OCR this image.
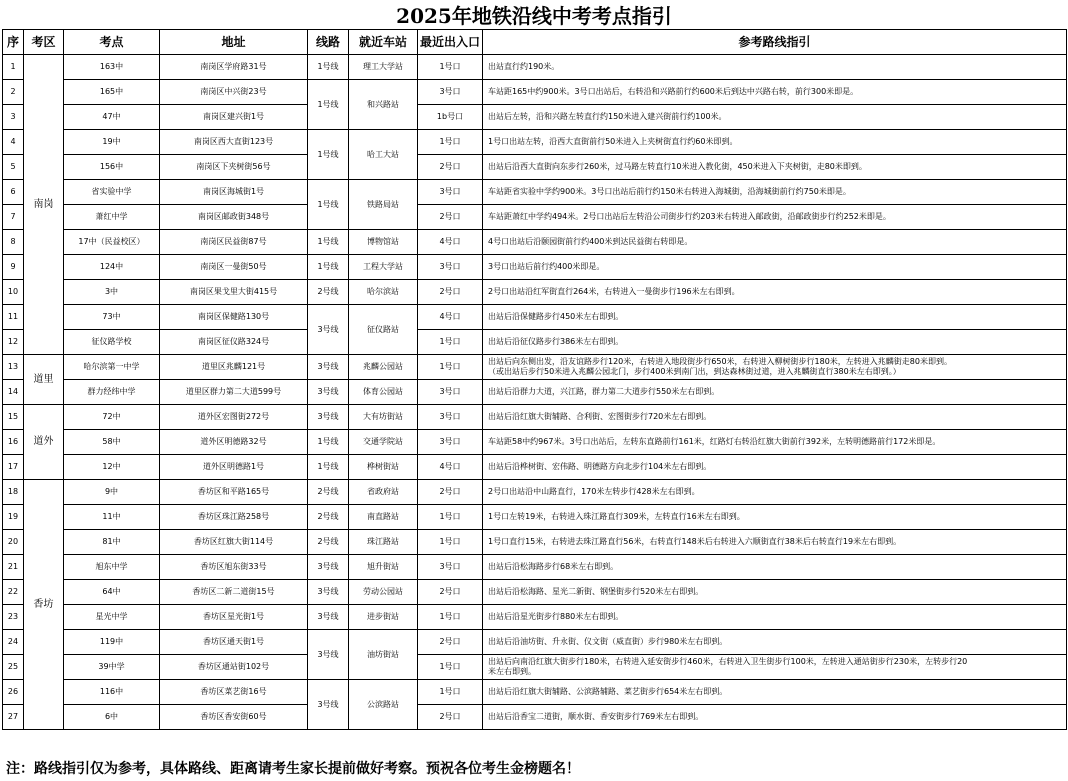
2025年地铁沿线中考考点指引
序	考区	考点	地址	线路	就近车站	最近出入口	参考路线指引
1	南岗	163中	南岗区学府路31号	1号线	理工大学站	1号口	出站直行约190米。

2		165中	南岗区中兴街23号	1号线	和兴路站	3号口	车站距165中约900米。3号口出站后，右转沿和兴路前行约600米后到达中兴路右转，前行300米即是。

3		47中	南岗区建兴街1号			1b号口	出站后左转，沿和兴路左转直行约150米进入建兴街前行约100米。

4		19中	南岗区西大直街123号	1号线	哈工大站	1号口	1号口出站左转，沿西大直街前行50米进入上夹树街直行约60米即到。

5		156中	南岗区下夹树街56号			2号口	出站后沿西大直街向东步行260米，过马路左转直行10米进入教化街，450米进入下夹树街，走80米即到。

6		省实验中学	南岗区海城街1号	1号线	铁路局站	3号口	车站距省实验中学约900米。3号口出站后前行约150米右转进入海城街，沿海城街前行约750米即是。

7		萧红中学	南岗区邮政街348号			2号口	车站距萧红中学约494米。2号口出站后左转沿公司街步行约203米右转进入邮政街，沿邮政街步行约252米即是。

8		17中（民益校区）	南岗区民益街87号	1号线	博物馆站	4号口	4号口出站后沿颐园街前行约400米到达民益街右转即是。

9		124中	南岗区一曼街50号	1号线	工程大学站	3号口	3号口出站后前行约400米即是。

10		3中	南岗区果戈里大街415号	2号线	哈尔滨站	2号口	2号口出站沿红军街直行264米，右转进入一曼街步行196米左右即到。

11		73中	南岗区保健路130号	3号线	征仪路站	4号口	出站后沿保健路步行450米左右即到。

12		征仪路学校	南岗区征仪路324号			1号口	出站后沿征仪路步行386米左右即到。

13	道里	哈尔滨第一中学	道里区兆麟121号	3号线	兆麟公园站	1号口	出站后向东侧出发，沿友谊路步行120米，右转进入地段街步行650米，右转进入柳树街步行180米，左转进入兆麟街走80米即到。
（或出站后步行50米进入兆麟公园北门，步行400米到南门出，到达森林街过道，进入兆麟街直行380米左右即到。）

14		群力经纬中学	道里区群力第二大道599号	3号线	体育公园站	3号口	出站后沿群力大道，兴江路，群力第二大道步行550米左右即到。

15	道外	72中	道外区宏图街272号	3号线	大有坊街站	3号口	出站后沿红旗大街辅路、合利街、宏图街步行720米左右即到。

16		58中	道外区明德路32号	1号线	交通学院站	3号口	车站距58中约967米。3号口出站后，左转东直路前行161米，红路灯右转沿红旗大街前行392米，左转明德路前行172米即是。

17		12中	道外区明德路1号	1号线	桦树街站	4号口	出站后沿桦树街、宏伟路、明德路方向北步行104米左右即到。

18	香坊	9中	香坊区和平路165号	2号线	省政府站	2号口	2号口出站沿中山路直行，170米左转步行428米左右即到。

19		11中	香坊区珠江路258号	2号线	南直路站	1号口	1号口左转19米，右转进入珠江路直行309米，左转直行16米左右即到。

20		81中	香坊区红旗大街114号	2号线	珠江路站	1号口	1号口直行15米，右转进去珠江路直行56米，右转直行148米后右转进入六顺街直行38米后右转直行19米左右即到。

21		旭东中学	香坊区旭东街33号	3号线	旭升街站	3号口	出站后沿松海路步行68米左右即到。

22		64中	香坊区二新二道街15号	3号线	劳动公园站	2号口	出站后沿松海路、星光二新街、钢堡街步行520米左右即到。

23		星光中学	香坊区星光街1号	3号线	进步街站	1号口	出站后沿星光街步行880米左右即到。

24		119中	香坊区通天街1号	3号线	油坊街站	2号口	出站后沿油坊街、升永街、仪文街（威直街）步行980米左右即到。

25		39中学	香坊区通站街102号			1号口	出站后向南沿红旗大街步行180米，右转进入延安街步行460米，右转进入卫生街步行100米，左转进入通站街步行230米，左转步行20
米左右即到。

26		116中	香坊区菜艺街16号	3号线	公滨路站	1号口	出站后沿红旗大街辅路、公滨路辅路、菜艺街步行654米左右即到。

27		6中	香坊区香安街60号			2号口	出站后沿香宝二道街，顺水街、香安街步行769米左右即到。
注：路线指引仅为参考，具体路线、距离请考生家长提前做好考察。预祝各位考生金榜题名！
